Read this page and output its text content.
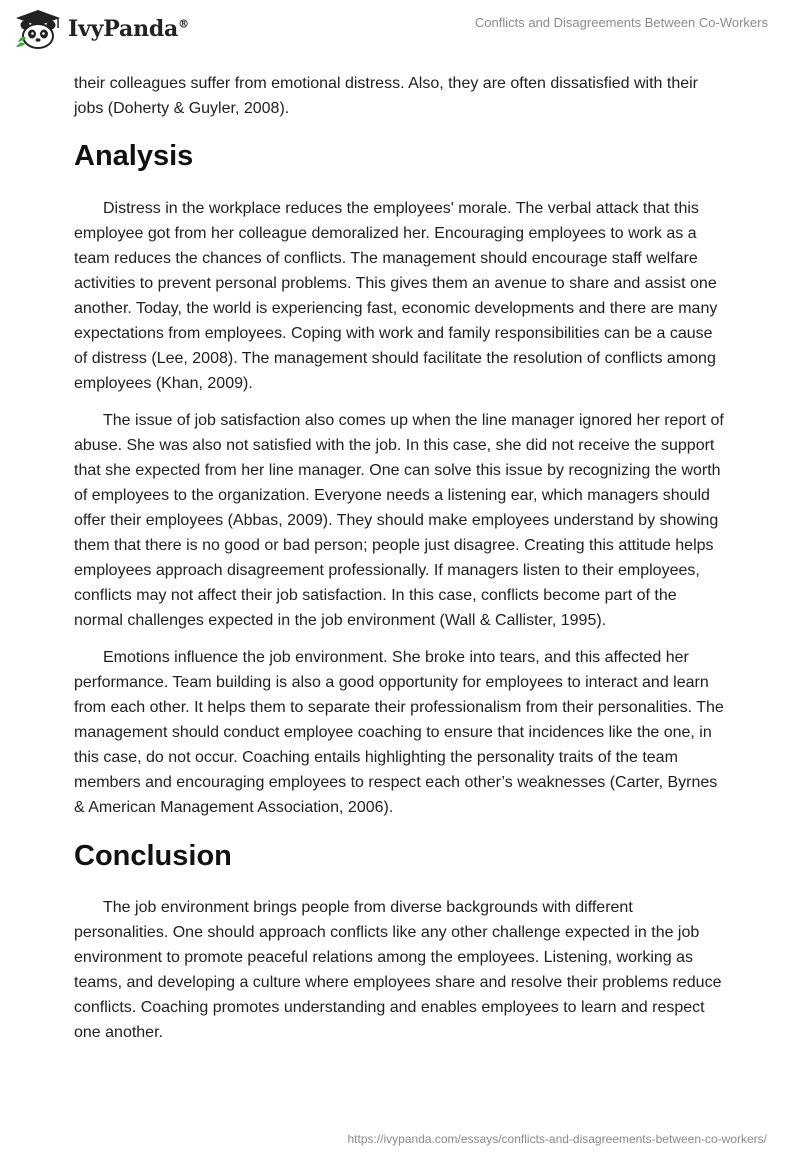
IvyPanda®	Conflicts and Disagreements Between Co-Workers

their colleagues suffer from emotional distress. Also, they are often dissatisfied with their jobs (Doherty & Guyler, 2008).

Analysis

Distress in the workplace reduces the employees' morale. The verbal attack that this employee got from her colleague demoralized her. Encouraging employees to work as a team reduces the chances of conflicts. The management should encourage staff welfare activities to prevent personal problems. This gives them an avenue to share and assist one another. Today, the world is experiencing fast, economic developments and there are many expectations from employees. Coping with work and family responsibilities can be a cause of distress (Lee, 2008). The management should facilitate the resolution of conflicts among employees (Khan, 2009).

The issue of job satisfaction also comes up when the line manager ignored her report of abuse. She was also not satisfied with the job. In this case, she did not receive the support that she expected from her line manager. One can solve this issue by recognizing the worth of employees to the organization. Everyone needs a listening ear, which managers should offer their employees (Abbas, 2009). They should make employees understand by showing them that there is no good or bad person; people just disagree. Creating this attitude helps employees approach disagreement professionally. If managers listen to their employees, conflicts may not affect their job satisfaction. In this case, conflicts become part of the normal challenges expected in the job environment (Wall & Callister, 1995).

Emotions influence the job environment. She broke into tears, and this affected her performance. Team building is also a good opportunity for employees to interact and learn from each other. It helps them to separate their professionalism from their personalities. The management should conduct employee coaching to ensure that incidences like the one, in this case, do not occur. Coaching entails highlighting the personality traits of the team members and encouraging employees to respect each other’s weaknesses (Carter, Byrnes & American Management Association, 2006).

Conclusion

The job environment brings people from diverse backgrounds with different personalities. One should approach conflicts like any other challenge expected in the job environment to promote peaceful relations among the employees. Listening, working as teams, and developing a culture where employees share and resolve their problems reduce conflicts. Coaching promotes understanding and enables employees to learn and respect one another.

https://ivypanda.com/essays/conflicts-and-disagreements-between-co-workers/
